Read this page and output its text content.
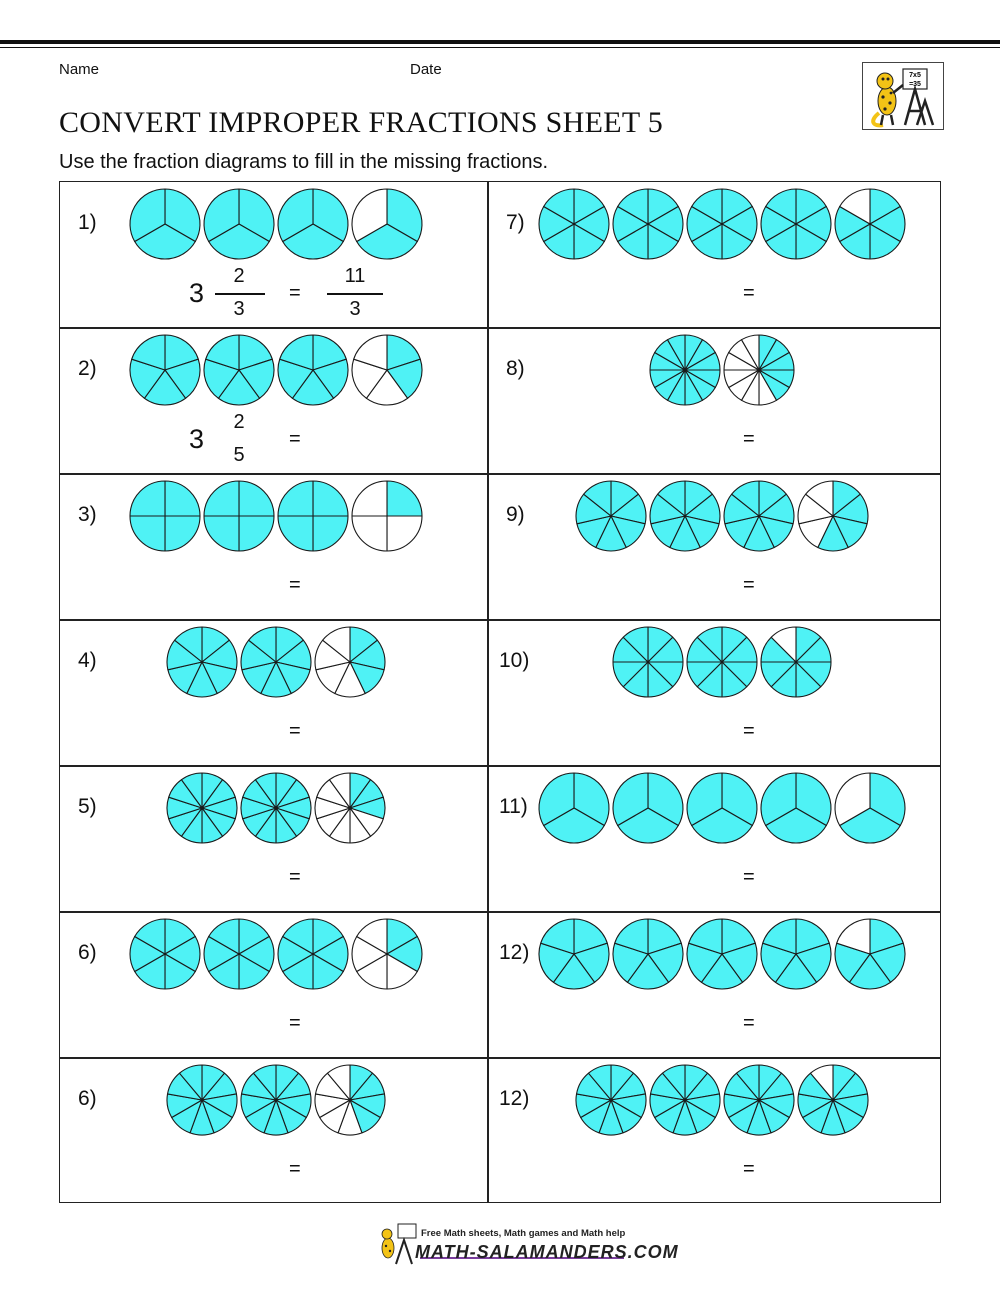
Name	Date
CONVERT IMPROPER FRACTIONS SHEET 5
Use the fraction diagrams to fill in the missing fractions.
7x5
=35
1)
=
3
2
3
11
3
2)
=
3
2
5
3)
=
4)
=
5)
=
6)
=
6)
=
7)
=
8)
=
9)
=
10)
=
11)
=
12)
=
12)
=
Free Math sheets, Math games and Math help
MATH-SALAMANDERS.COM
